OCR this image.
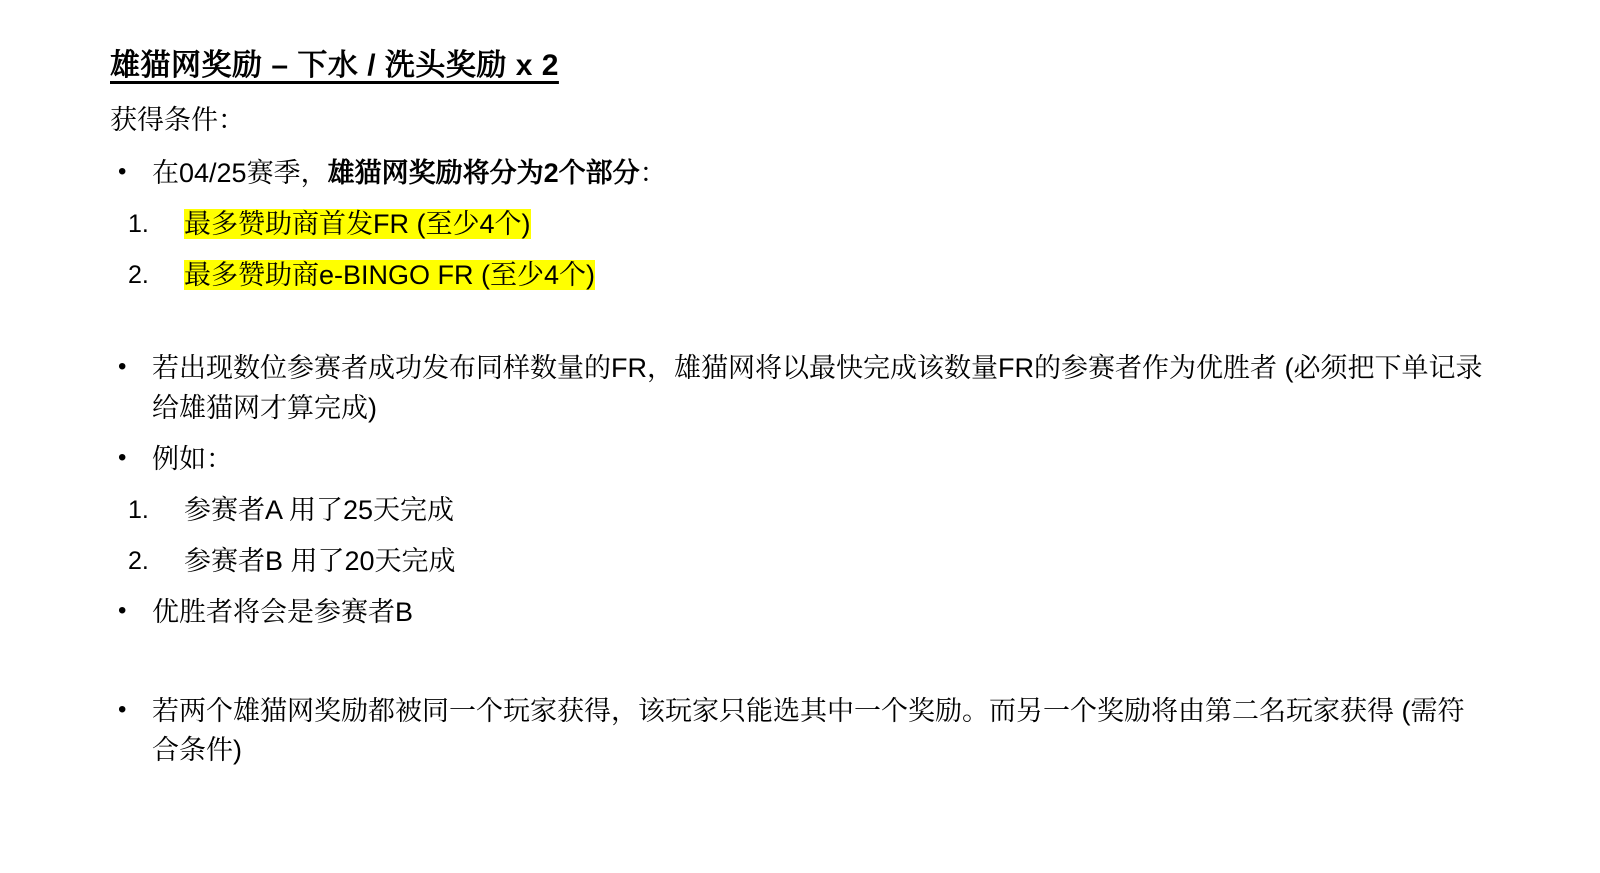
雄猫网奖励 – 下水 / 洗头奖励 x 2
获得条件：
• 在04/25赛季，雄猫网奖励将分为2个部分：
1.	最多赞助商首发FR (至少4个)
2.	最多赞助商e-BINGO FR (至少4个)
• 若出现数位参赛者成功发布同样数量的FR，雄猫网将以最快完成该数量FR的参赛者作为优胜者 (必须把下单记录给雄猫网才算完成)
• 例如：
1.	参赛者A 用了25天完成
2.	参赛者B 用了20天完成
• 优胜者将会是参赛者B
• 若两个雄猫网奖励都被同一个玩家获得，该玩家只能选其中一个奖励。而另一个奖励将由第二名玩家获得 (需符合条件)
